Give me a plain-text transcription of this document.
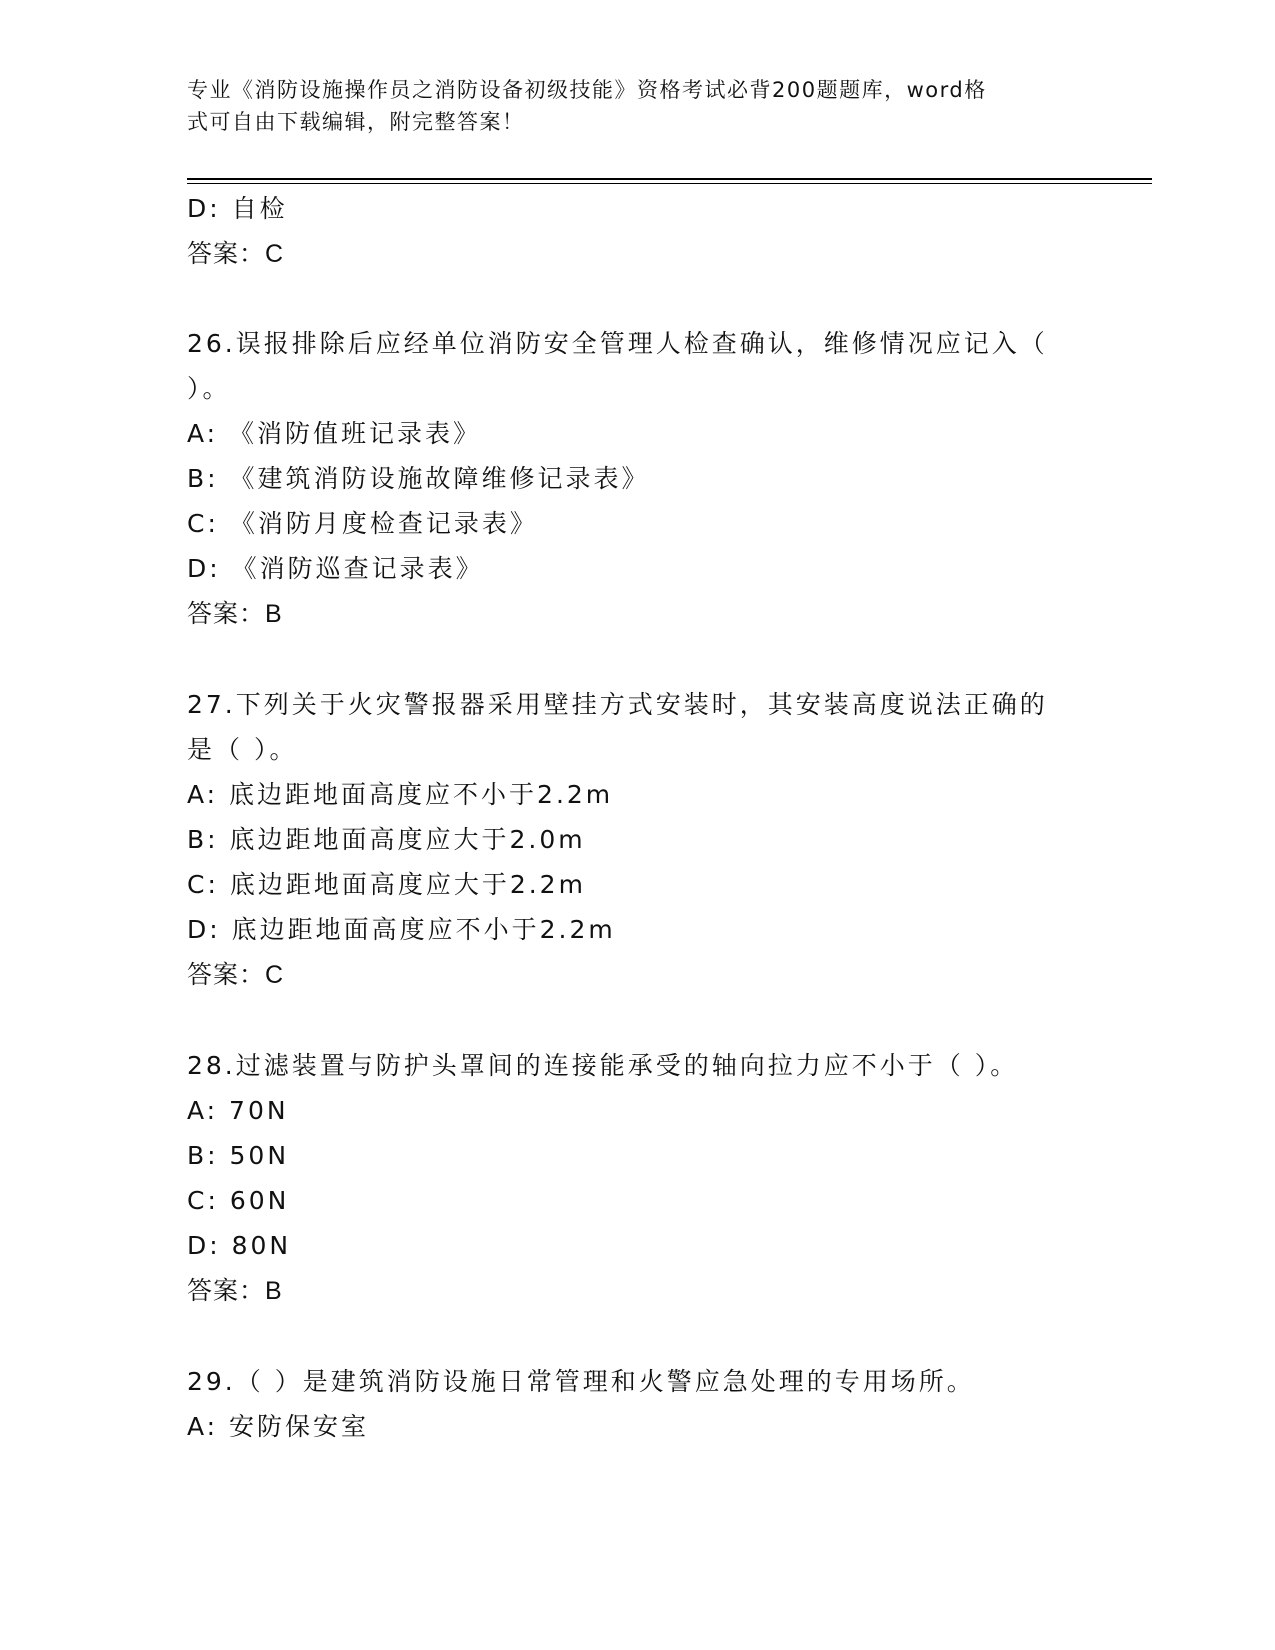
专业《消防设施操作员之消防设备初级技能》资格考试必背200题题库，word格
式可自由下载编辑，附完整答案！
D: 自检
答案：C
26.误报排除后应经单位消防安全管理人检查确认，维修情况应记入（
）。
A: 《消防值班记录表》
B: 《建筑消防设施故障维修记录表》
C: 《消防月度检查记录表》
D: 《消防巡查记录表》
答案：B
27.下列关于火灾警报器采用壁挂方式安装时，其安装高度说法正确的
是（ ）。
A: 底边距地面高度应不小于2.2m
B: 底边距地面高度应大于2.0m
C: 底边距地面高度应大于2.2m
D: 底边距地面高度应不小于2.2m
答案：C
28.过滤装置与防护头罩间的连接能承受的轴向拉力应不小于（ ）。
A: 70N
B: 50N
C: 60N
D: 80N
答案：B
29.（ ）是建筑消防设施日常管理和火警应急处理的专用场所。
A: 安防保安室
